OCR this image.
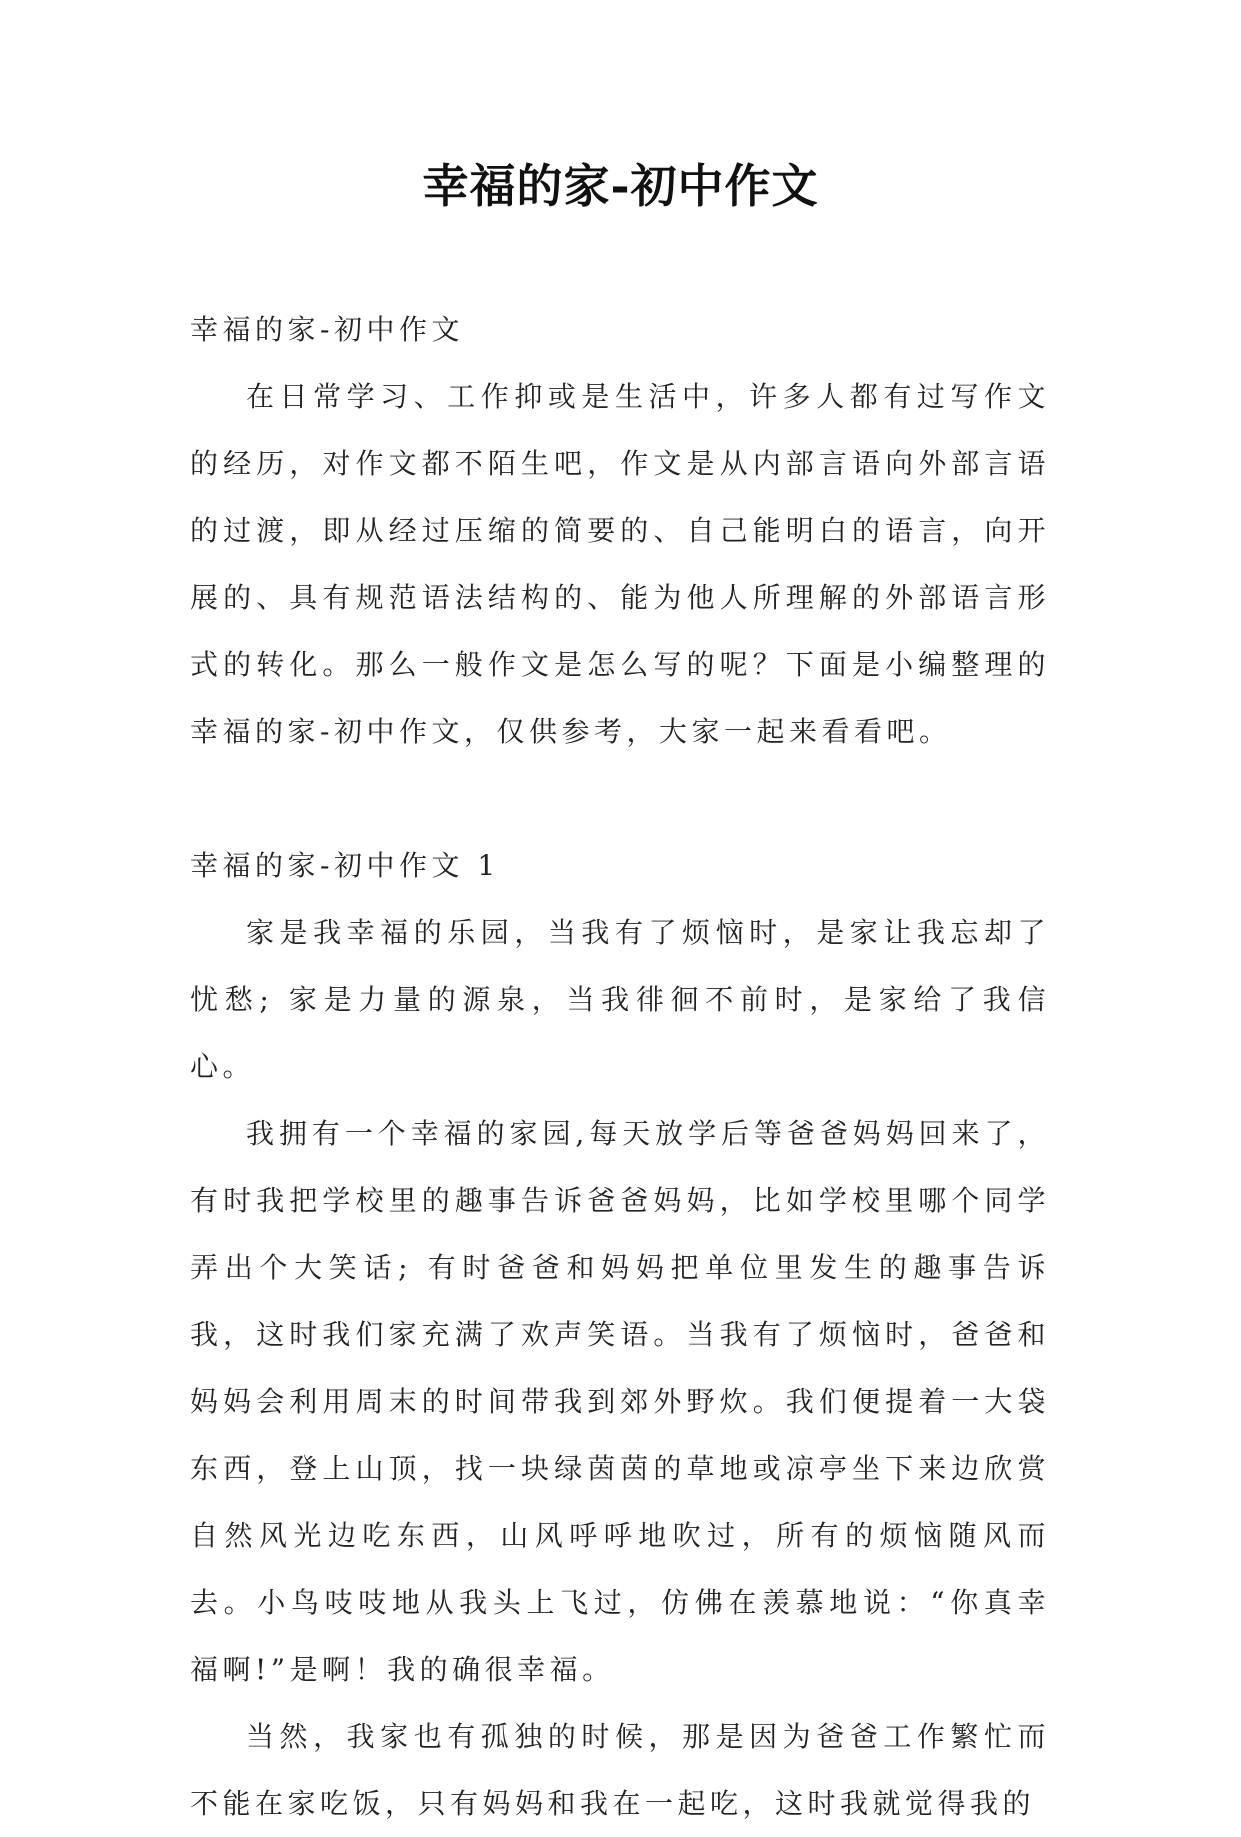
幸福的家-初中作文

幸福的家-初中作文

在日常学习、工作抑或是生活中，许多人都有过写作文的经历，对作文都不陌生吧，作文是从内部言语向外部言语的过渡，即从经过压缩的简要的、自己能明白的语言，向开展的、具有规范语法结构的、能为他人所理解的外部语言形式的转化。那么一般作文是怎么写的呢？下面是小编整理的幸福的家-初中作文，仅供参考，大家一起来看看吧。

幸福的家-初中作文 1

家是我幸福的乐园，当我有了烦恼时，是家让我忘却了忧愁; 家是力量的源泉，当我徘徊不前时，是家给了我信心。

我拥有一个幸福的家园,每天放学后等爸爸妈妈回来了，有时我把学校里的趣事告诉爸爸妈妈，比如学校里哪个同学弄出个大笑话; 有时爸爸和妈妈把单位里发生的趣事告诉我，这时我们家充满了欢声笑语。当我有了烦恼时，爸爸和妈妈会利用周末的时间带我到郊外野炊。我们便提着一大袋东西，登上山顶，找一块绿茵茵的草地或凉亭坐下来边欣赏自然风光边吃东西，山风呼呼地吹过，所有的烦恼随风而去。小鸟吱吱地从我头上飞过，仿佛在羡慕地说：“你真幸福啊!”是啊！我的确很幸福。

当然，我家也有孤独的时候，那是因为爸爸工作繁忙而不能在家吃饭，只有妈妈和我在一起吃，这时我就觉得我的
